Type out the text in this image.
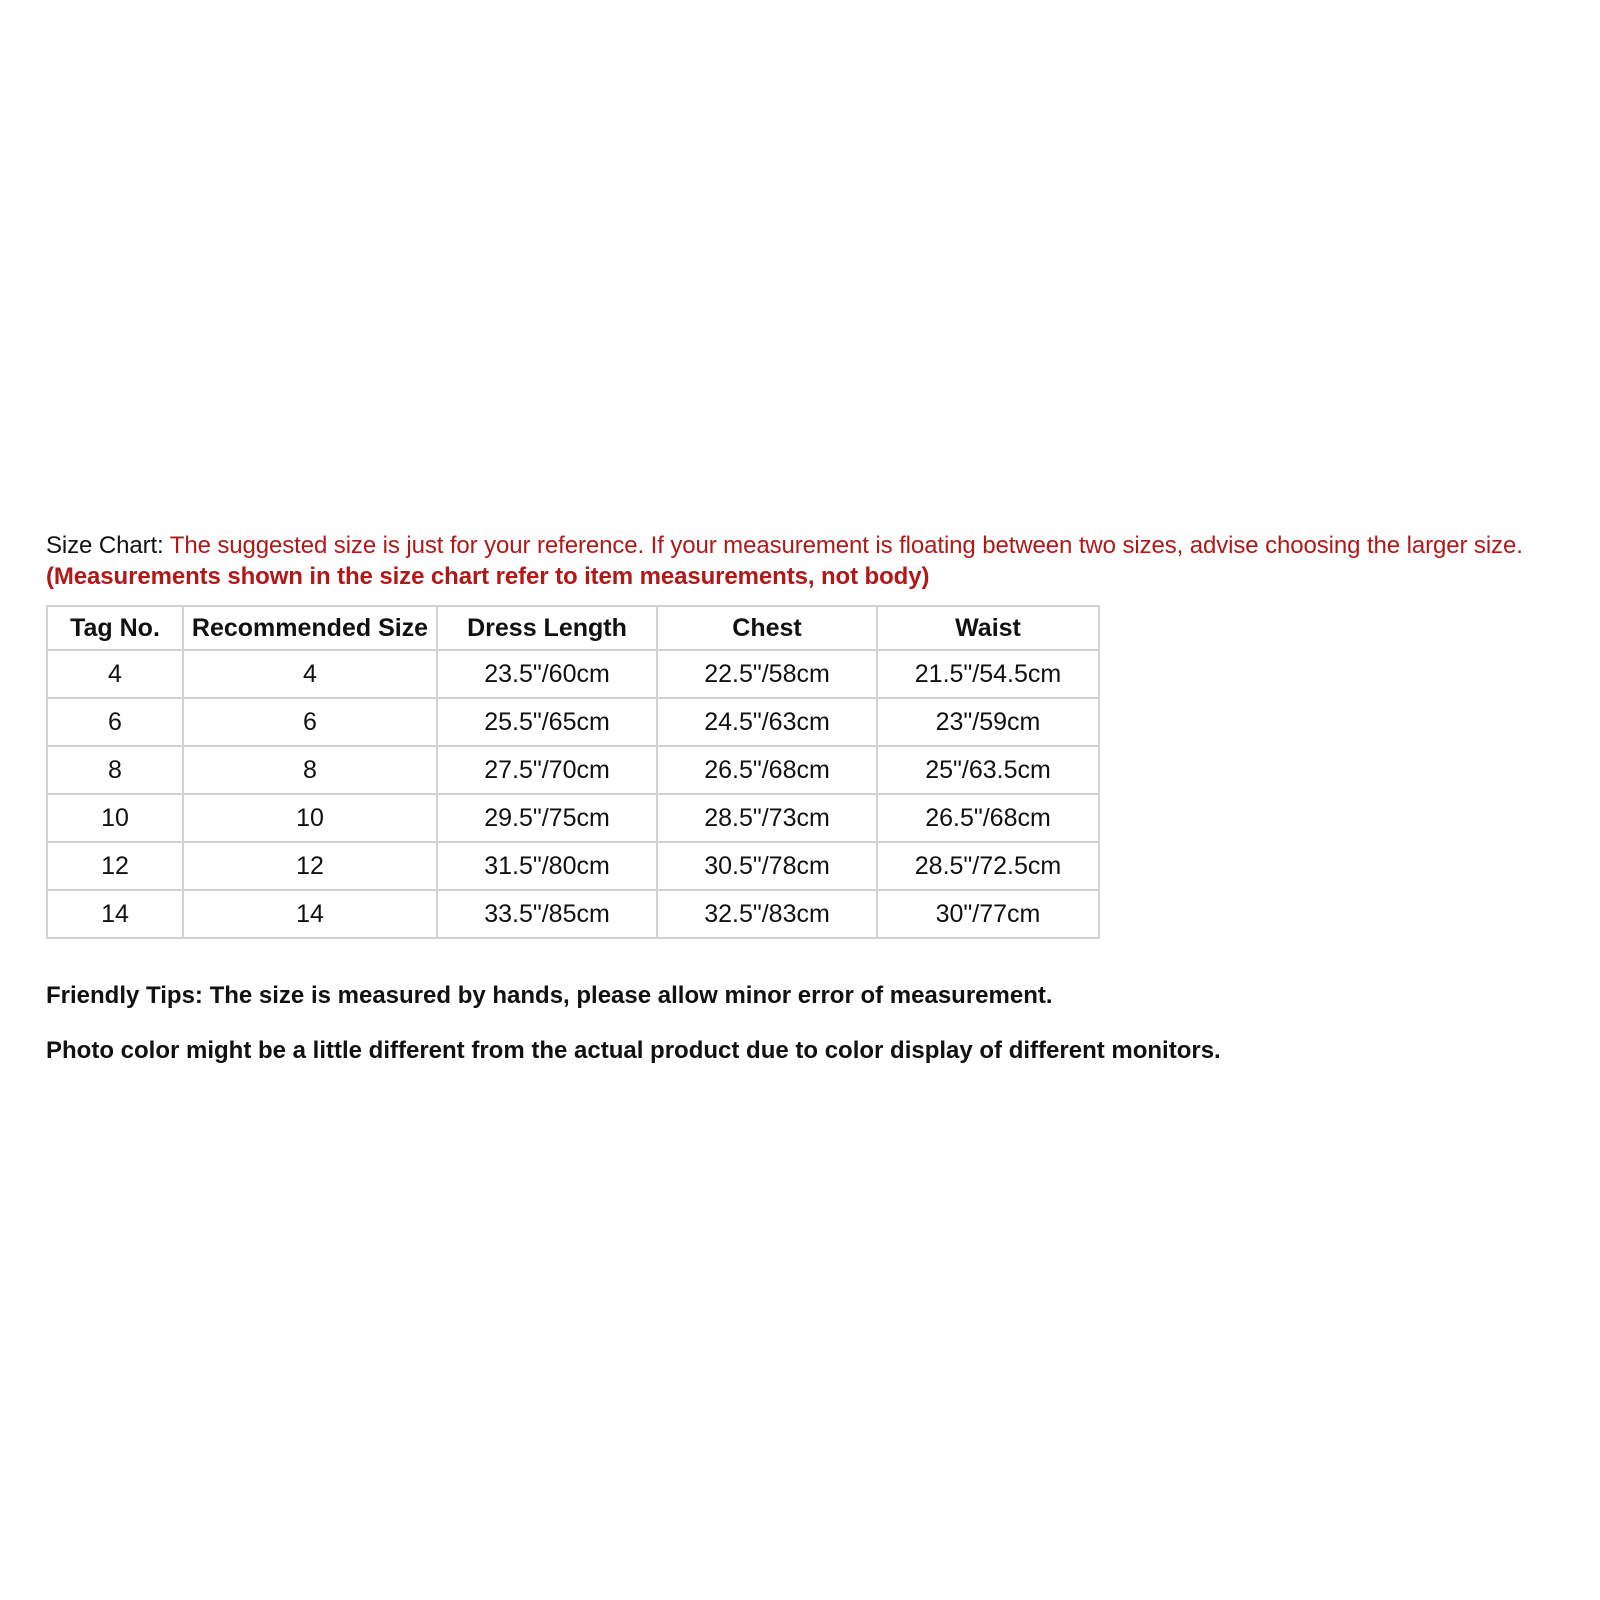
Size Chart: The suggested size is just for your reference. If your measurement is floating between two sizes, advise choosing the larger size. (Measurements shown in the size chart refer to item measurements, not body)
Tag No.	Recommended Size	Dress Length	Chest	Waist
4	4	23.5"/60cm	22.5"/58cm	21.5"/54.5cm
6	6	25.5"/65cm	24.5"/63cm	23"/59cm
8	8	27.5"/70cm	26.5"/68cm	25"/63.5cm
10	10	29.5"/75cm	28.5"/73cm	26.5"/68cm
12	12	31.5"/80cm	30.5"/78cm	28.5"/72.5cm
14	14	33.5"/85cm	32.5"/83cm	30"/77cm
Friendly Tips: The size is measured by hands, please allow minor error of measurement.
Photo color might be a little different from the actual product due to color display of different monitors.
